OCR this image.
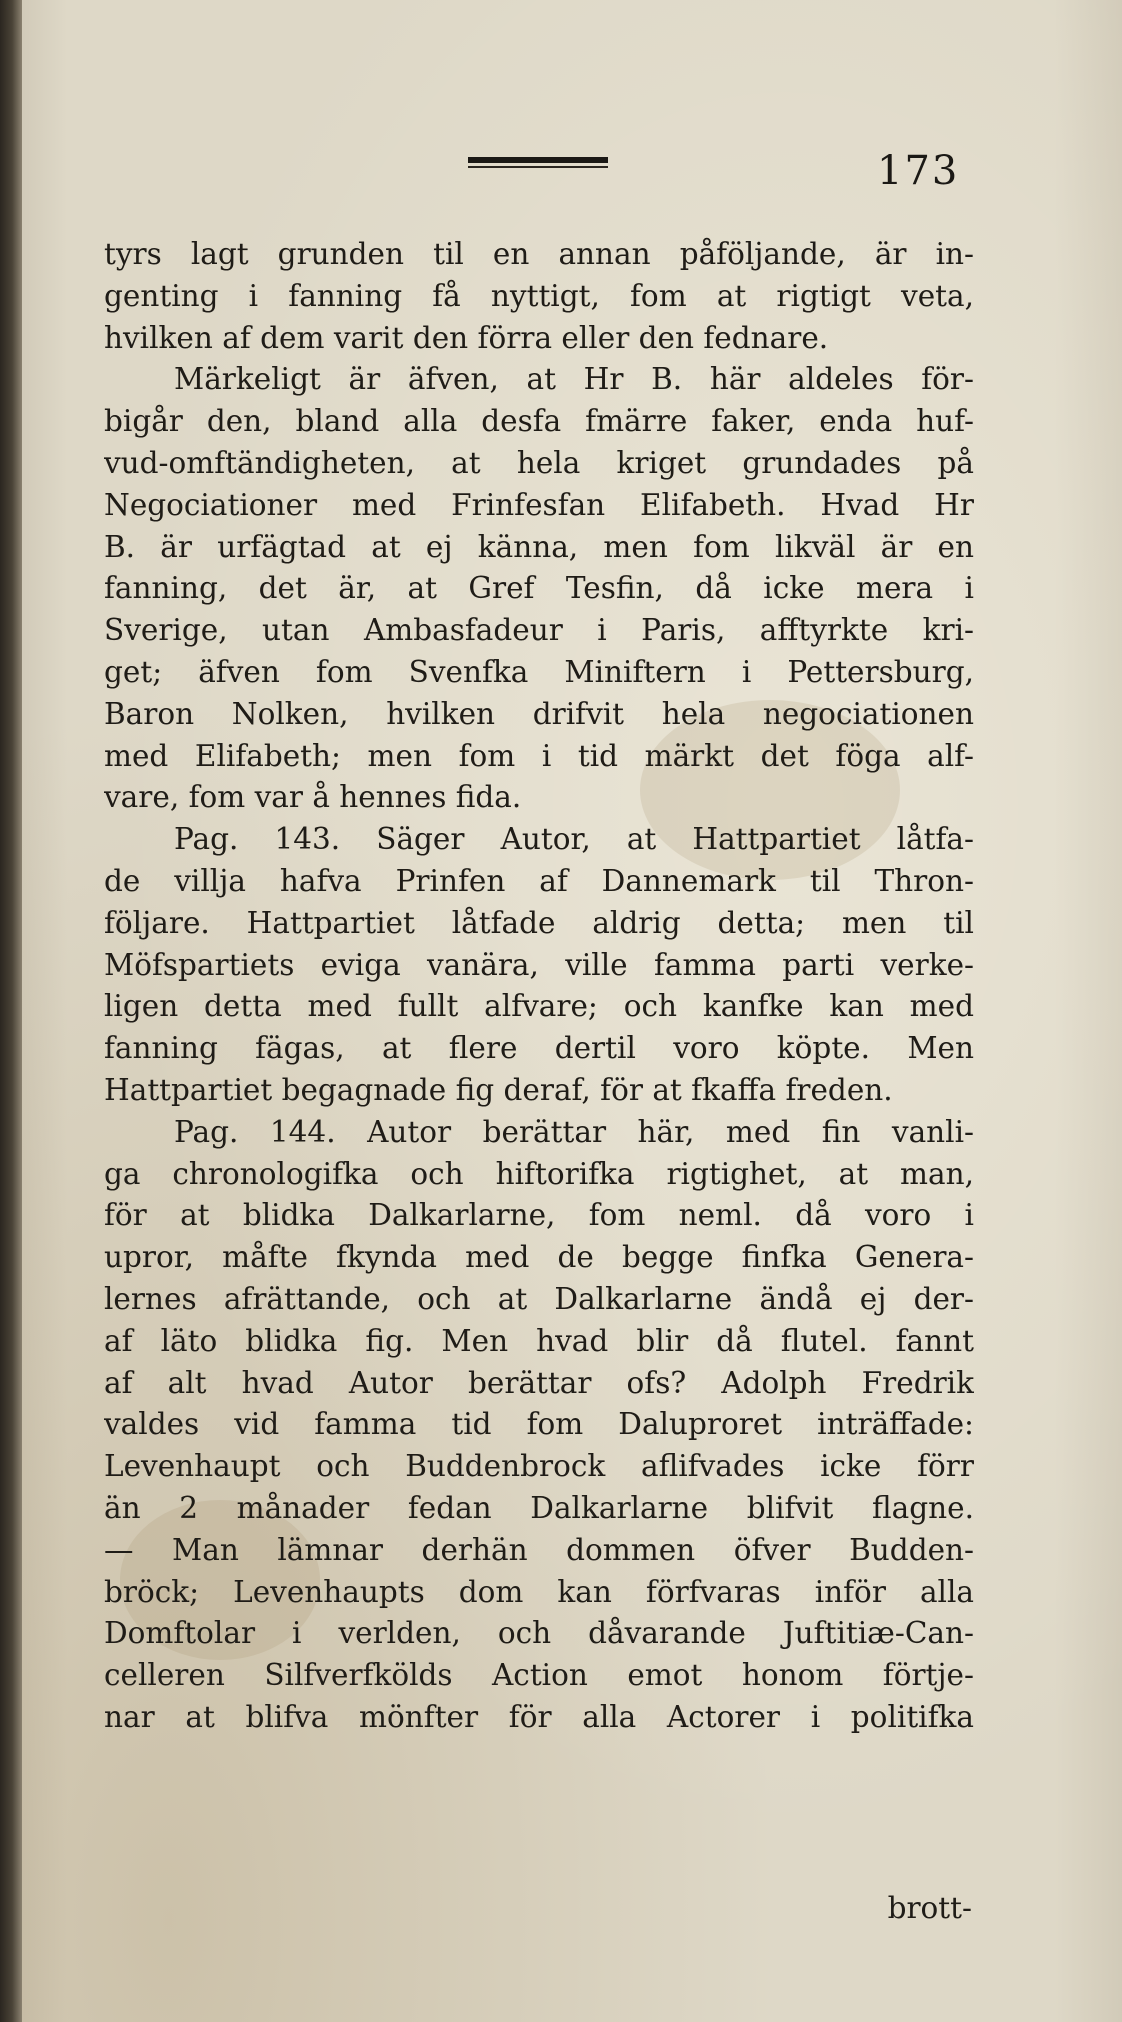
173

tyrs lagt grunden til en annan påföljande, är in-
genting i fanning få nyttigt, fom at rigtigt veta,
hvilken af dem varit den förra eller den fednare.
Märkeligt är äfven, at Hr B. här aldeles för-
bigår den, bland alla desfa fmärre faker, enda huf-
vud-omftändigheten, at hela kriget grundades på
Negociationer med Frinfesfan Elifabeth. Hvad Hr
B. är urfägtad at ej känna, men fom likväl är en
fanning, det är, at Gref Tesfin, då icke mera i
Sverige, utan Ambasfadeur i Paris, afftyrkte kri-
get; äfven fom Svenfka Miniftern i Pettersburg,
Baron Nolken, hvilken drifvit hela negociationen
med Elifabeth; men fom i tid märkt det föga alf-
vare, fom var å hennes fida.
Pag. 143. Säger Autor, at Hattpartiet låtfa-
de villja hafva Prinfen af Dannemark til Thron-
följare. Hattpartiet låtfade aldrig detta; men til
Möfspartiets eviga vanära, ville famma parti verke-
ligen detta med fullt alfvare; och kanfke kan med
fanning fägas, at flere dertil voro köpte. Men
Hattpartiet begagnade fig deraf, för at fkaffa freden.
Pag. 144. Autor berättar här, med fin vanli-
ga chronologifka och hiftorifka rigtighet, at man,
för at blidka Dalkarlarne, fom neml. då voro i
upror, måfte fkynda med de begge finfka Genera-
lernes afrättande, och at Dalkarlarne ändå ej der-
af läto blidka fig. Men hvad blir då flutel. fannt
af alt hvad Autor berättar ofs? Adolph Fredrik
valdes vid famma tid fom Daluproret inträffade:
Levenhaupt och Buddenbrock aflifvades icke förr
än 2 månader fedan Dalkarlarne blifvit flagne.
— Man lämnar derhän dommen öfver Budden-
bröck; Levenhaupts dom kan förfvaras inför alla
Domftolar i verlden, och dåvarande Juftitiæ-Can-
celleren Silfverfkölds Action emot honom förtje-
nar at blifva mönfter för alla Actorer i politifka

brott-
